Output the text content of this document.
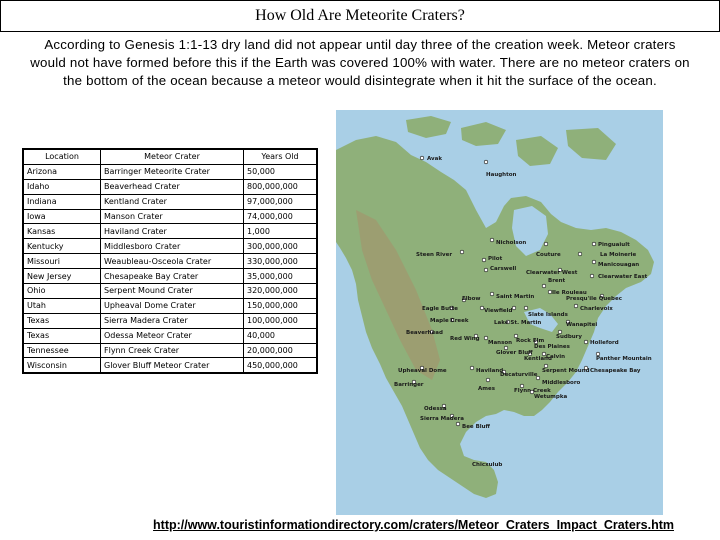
How Old Are Meteorite Craters?
According to Genesis 1:1-13 dry land did not appear until day three of the creation week. Meteor craters would not have formed before this if the Earth was covered 100% with water. There are no meteor craters on the bottom of the ocean because a meteor would disintegrate when it hit the surface of the ocean.
Location	Meteor Crater	Years Old
Arizona	Barringer Meteorite Crater	50,000
Idaho	Beaverhead Crater	800,000,000
Indiana	Kentland Crater	97,000,000
Iowa	Manson Crater	74,000,000
Kansas	Haviland Crater	1,000
Kentucky	Middlesboro Crater	300,000,000
Missouri	Weaubleau-Osceola Crater	330,000,000
New Jersey	Chesapeake Bay Crater	35,000,000
Ohio	Serpent Mound Crater	320,000,000
Utah	Upheaval Dome Crater	150,000,000
Texas	Sierra Madera Crater	100,000,000
Texas	Odessa Meteor Crater	40,000
Tennessee	Flynn Creek Crater	20,000,000
Wisconsin	Glover Bluff Meteor Crater	450,000,000
Avak
Haughton
Steen River
Nicholson
Pilot
Carswell
Couture
Pinguaiult
La Moinerie
Manicouagan
Clearwater West
Clearwater East
Elbow	Saint Martin
Eagle Butte	Viewfield
Maple Creek
Red Wing
Beaverhead
Upheaval Dome
Barringer
Haviland
Ames
Odessa
Sierra Madera
Bee Bluff
Chicxulub
Manson
Decaturville
Serpent Mound
Middlesboro
Chesapeake Bay
Wetumpka
Flynn Creek
Charlevoix
Presqu'ile Quebec
Ile Rouleau
Slate Islands
Wanapitei
Holleford
Panther Mountain
Sudbury
Calvin
Des Plaines
Kentland
Rock Elm
Glover Bluff
Lake St. Martin
Brent
http://www.touristinformationdirectory.com/craters/Meteor_Craters_Impact_Craters.htm
